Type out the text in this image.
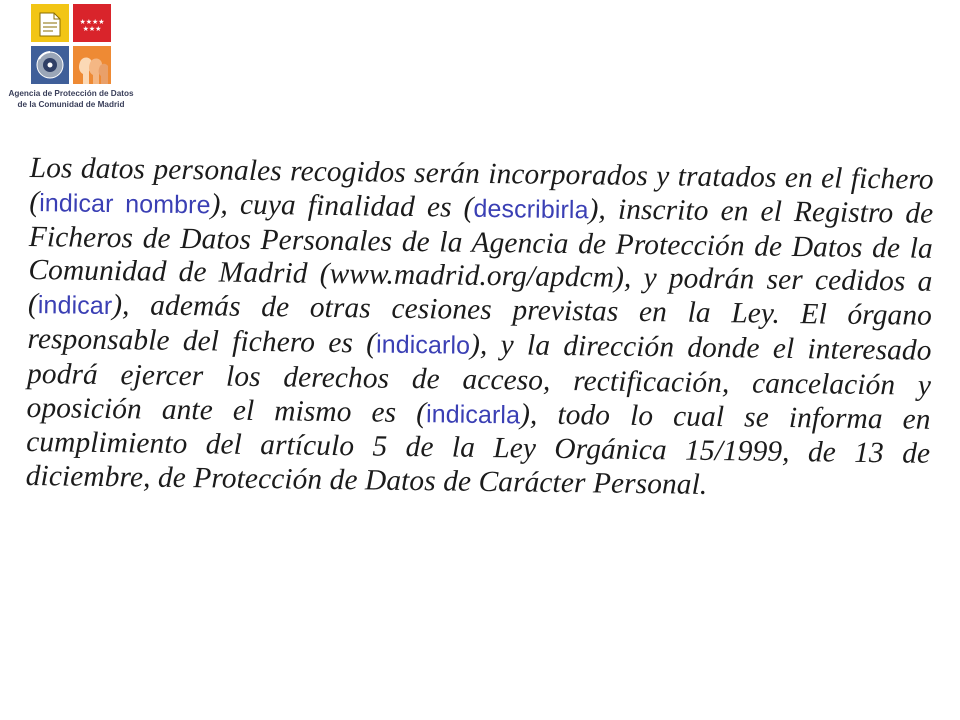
★★★★
★★★
Agencia de Protección de Datos
de la Comunidad de Madrid
Los datos personales recogidos serán incorporados y tratados en el fichero (indicar nombre), cuya finalidad es (describirla), inscrito en el Registro de Ficheros de Datos Personales de la Agencia de Protección de Datos de la Comunidad de Madrid (www.madrid.org/apdcm), y podrán ser cedidos a (indicar), además de otras cesiones previstas en la Ley. El órgano responsable del fichero es (indicarlo), y la dirección donde el interesado podrá ejercer los derechos de acceso, rectificación, cancelación y oposición ante el mismo es (indicarla), todo lo cual se informa en cumplimiento del artículo 5 de la Ley Orgánica 15/1999, de 13 de diciembre, de Protección de Datos de Carácter Personal.
